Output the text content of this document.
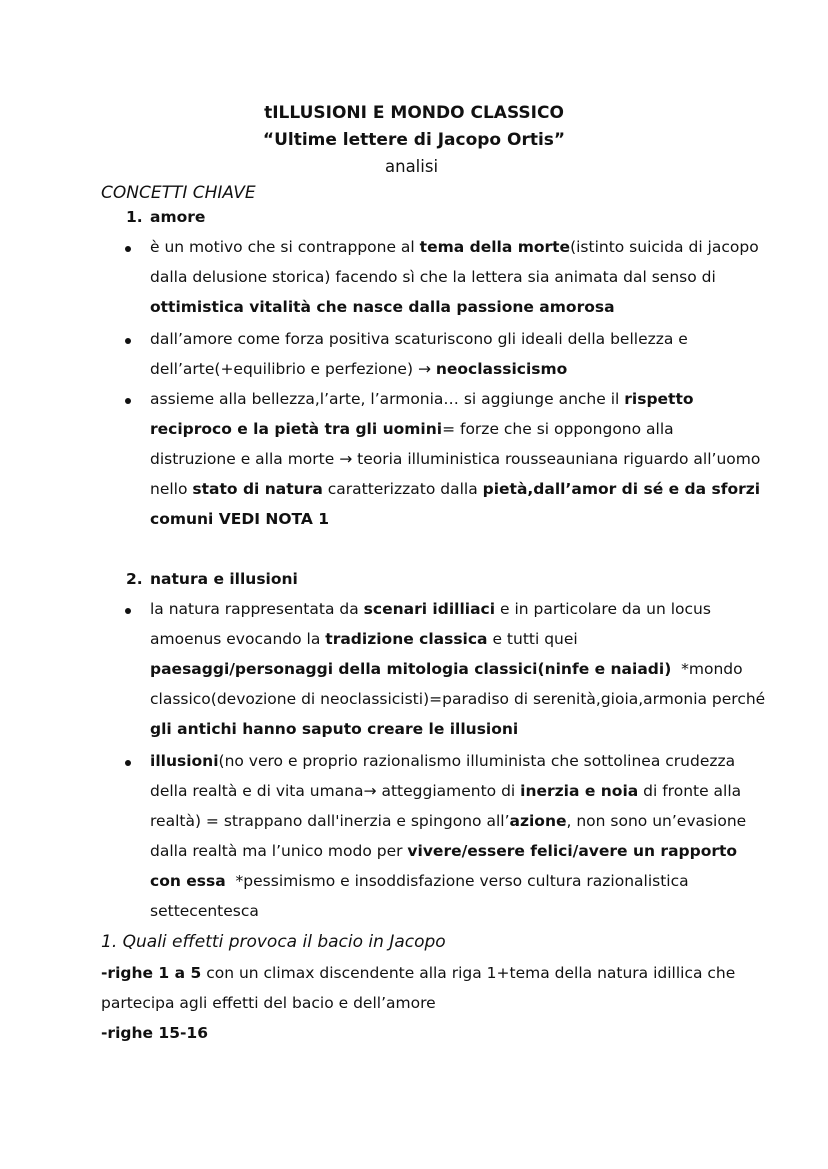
tILLUSIONI E MONDO CLASSICO
“Ultime lettere di Jacopo Ortis”
analisi
CONCETTI CHIAVE
1. amore
è un motivo che si contrappone al tema della morte(istinto suicida di jacopo
dalla delusione storica) facendo sì che la lettera sia animata dal senso di
ottimistica vitalità che nasce dalla passione amorosa
dall’amore come forza positiva scaturiscono gli ideali della bellezza e
dell’arte(+equilibrio e perfezione) → neoclassicismo
assieme alla bellezza,l’arte, l’armonia… si aggiunge anche il rispetto
reciproco e la pietà tra gli uomini= forze che si oppongono alla
distruzione e alla morte → teoria illuministica rousseauniana riguardo all’uomo
nello stato di natura caratterizzato dalla pietà,dall’amor di sé e da sforzi
comuni VEDI NOTA 1
2. natura e illusioni
la natura rappresentata da scenari idilliaci e in particolare da un locus
amoenus evocando la tradizione classica e tutti quei
paesaggi/personaggi della mitologia classici(ninfe e naiadi)  *mondo
classico(devozione di neoclassicisti)=paradiso di serenità,gioia,armonia perché
gli antichi hanno saputo creare le illusioni
illusioni(no vero e proprio razionalismo illuminista che sottolinea crudezza
della realtà e di vita umana→ atteggiamento di inerzia e noia di fronte alla
realtà) = strappano dall'inerzia e spingono all’azione, non sono un’evasione
dalla realtà ma l’unico modo per vivere/essere felici/avere un rapporto
con essa  *pessimismo e insoddisfazione verso cultura razionalistica
settecentesca
1. Quali effetti provoca il bacio in Jacopo
-righe 1 a 5 con un climax discendente alla riga 1+tema della natura idillica che
partecipa agli effetti del bacio e dell’amore
-righe 15-16
